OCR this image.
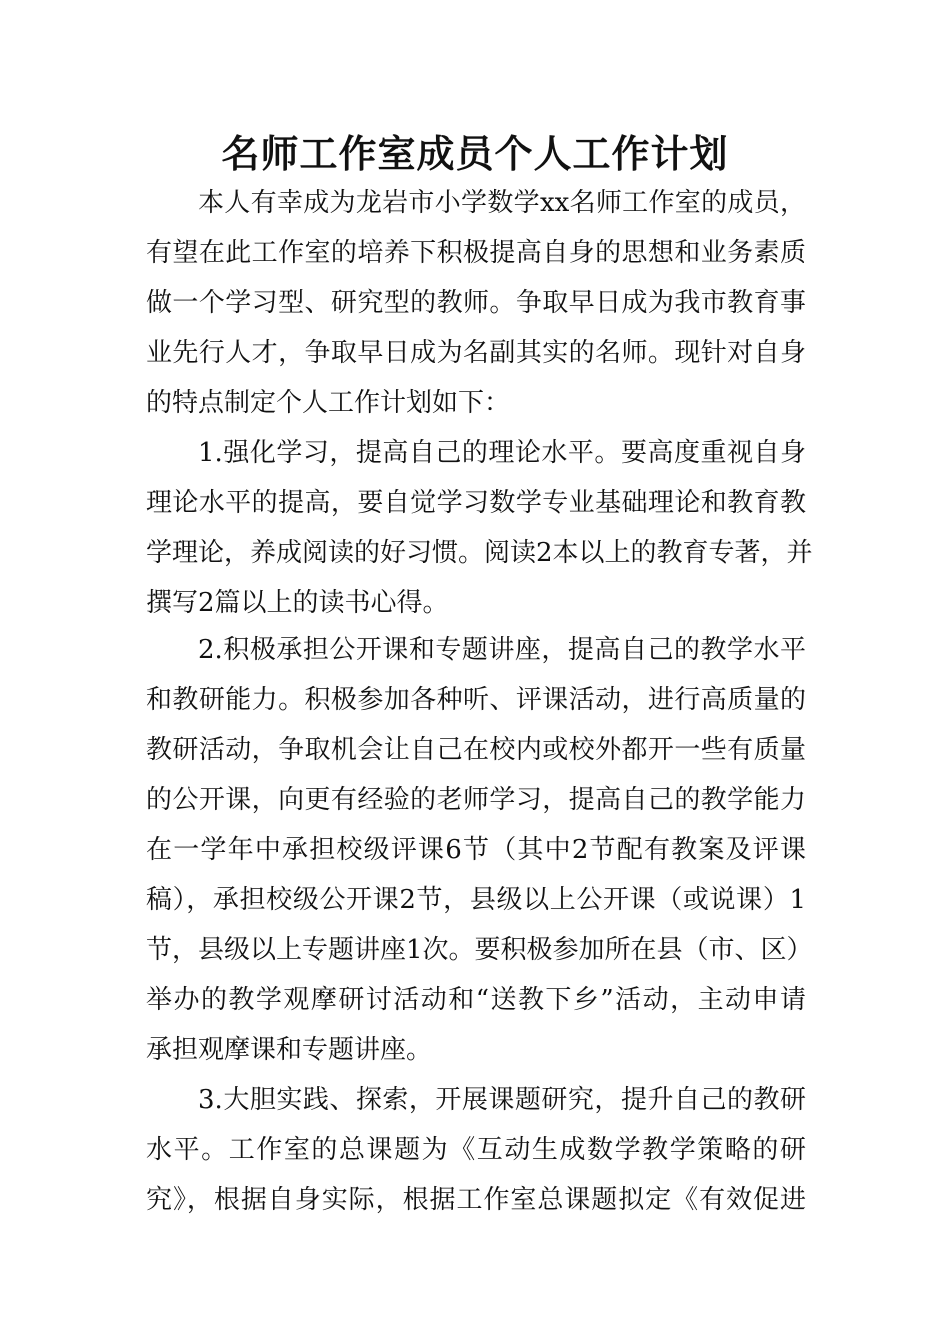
名师工作室成员个人工作计划
本人有幸成为龙岩市小学数学xx名师工作室的成员，
有望在此工作室的培养下积极提高自身的思想和业务素质
做一个学习型、研究型的教师。争取早日成为我市教育事
业先行人才，争取早日成为名副其实的名师。现针对自身
的特点制定个人工作计划如下：
1.强化学习，提高自己的理论水平。要高度重视自身
理论水平的提高，要自觉学习数学专业基础理论和教育教
学理论，养成阅读的好习惯。阅读2本以上的教育专著，并
撰写2篇以上的读书心得。
2.积极承担公开课和专题讲座，提高自己的教学水平
和教研能力。积极参加各种听、评课活动，进行高质量的
教研活动，争取机会让自己在校内或校外都开一些有质量
的公开课，向更有经验的老师学习，提高自己的教学能力
在一学年中承担校级评课6节（其中2节配有教案及评课
稿），承担校级公开课2节，县级以上公开课（或说课）1
节，县级以上专题讲座1次。要积极参加所在县（市、区）
举办的教学观摩研讨活动和“送教下乡”活动，主动申请
承担观摩课和专题讲座。
3.大胆实践、探索，开展课题研究，提升自己的教研
水平。工作室的总课题为《互动生成数学教学策略的研
究》，根据自身实际，根据工作室总课题拟定《有效促进
